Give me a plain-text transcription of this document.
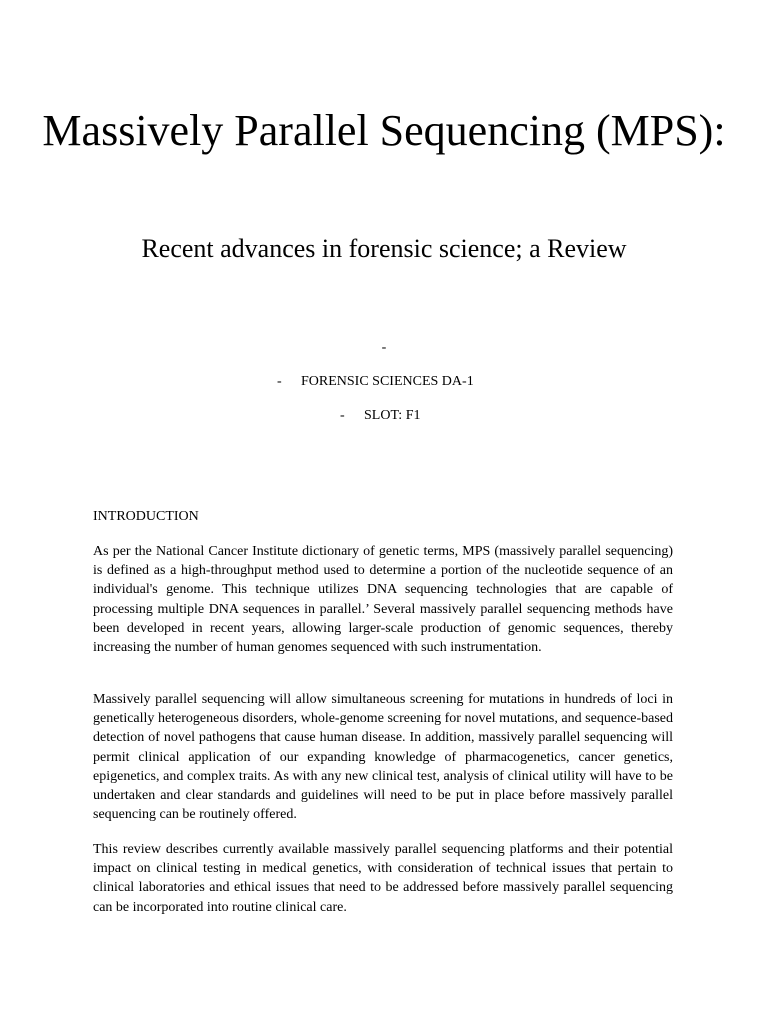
Massively Parallel Sequencing (MPS):
Recent advances in forensic science; a Review
-
- FORENSIC SCIENCES DA-1
- SLOT: F1
INTRODUCTION

As per the National Cancer Institute dictionary of genetic terms, MPS (massively parallel sequencing) is defined as a high-throughput method used to determine a portion of the nucleotide sequence of an individual's genome. This technique utilizes DNA sequencing technologies that are capable of processing multiple DNA sequences in parallel.’ Several massively parallel sequencing methods have been developed in recent years, allowing larger-scale production of genomic sequences, thereby increasing the number of human genomes sequenced with such instrumentation.

Massively parallel sequencing will allow simultaneous screening for mutations in hundreds of loci in genetically heterogeneous disorders, whole-genome screening for novel mutations, and sequence-based detection of novel pathogens that cause human disease. In addition, massively parallel sequencing will permit clinical application of our expanding knowledge of pharmacogenetics, cancer genetics, epigenetics, and complex traits. As with any new clinical test, analysis of clinical utility will have to be undertaken and clear standards and guidelines will need to be put in place before massively parallel sequencing can be routinely offered.

This review describes currently available massively parallel sequencing platforms and their potential impact on clinical testing in medical genetics, with consideration of technical issues that pertain to clinical laboratories and ethical issues that need to be addressed before massively parallel sequencing can be incorporated into routine clinical care.
